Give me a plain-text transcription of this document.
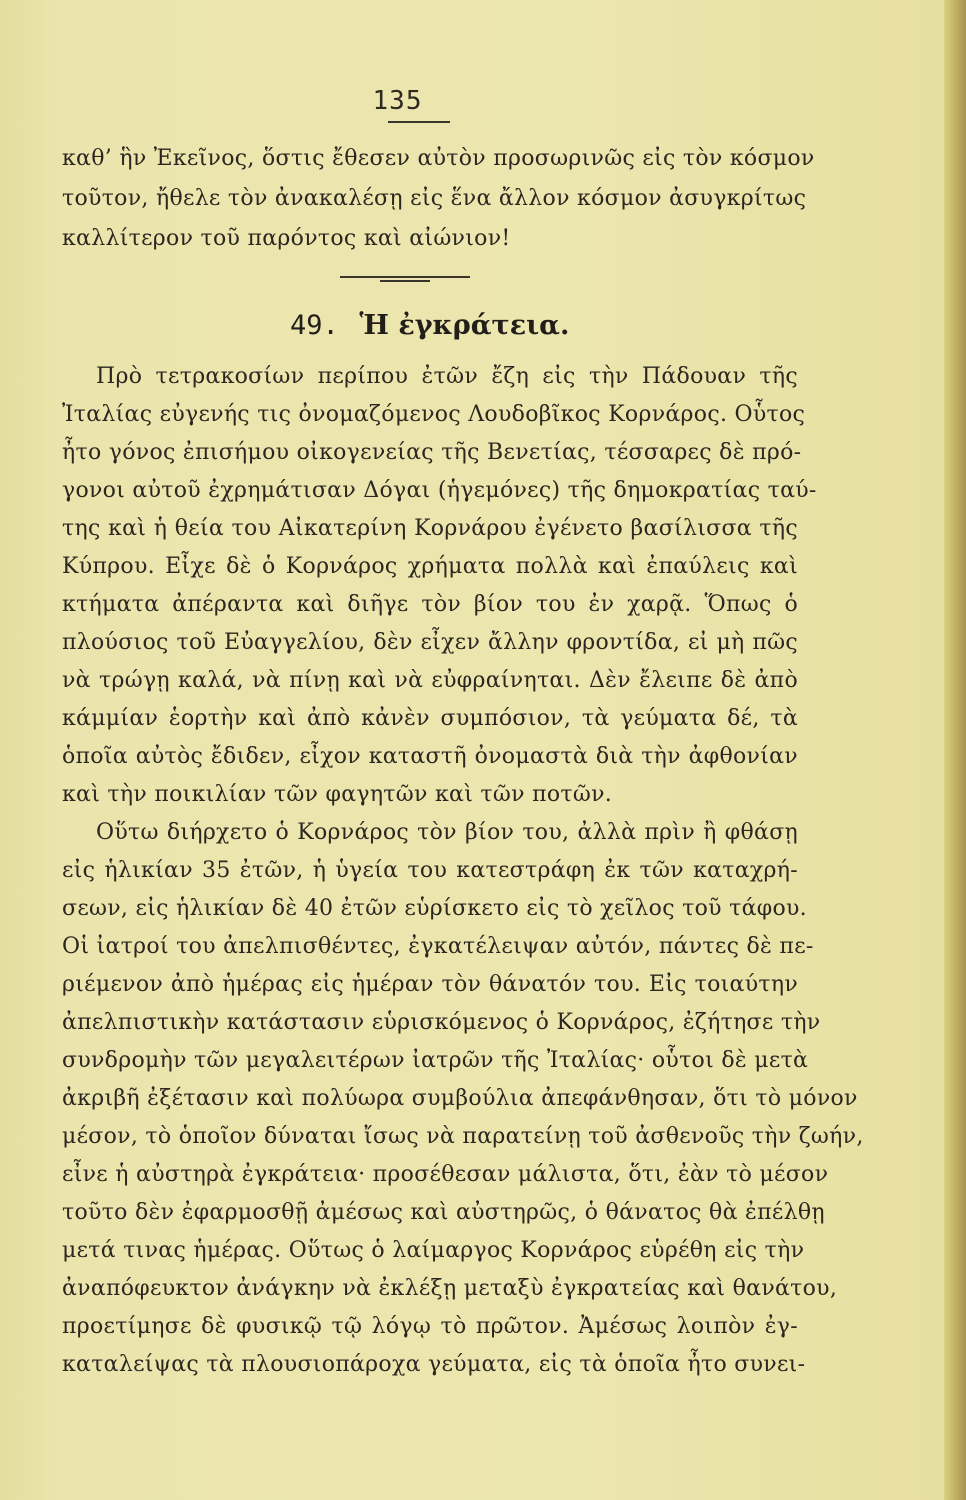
135
καθ’ ἣν Ἐκεῖνος, ὅστις ἔθεσεν αὐτὸν προσωρινῶς εἰς τὸν κόσμον
τοῦτον, ἤθελε τὸν ἀνακαλέσῃ εἰς ἕνα ἄλλον κόσμον ἀσυγκρίτως
καλλίτερον τοῦ παρόντος καὶ αἰώνιον!
49. Ἡ ἐγκράτεια.
Πρὸ τετρακοσίων περίπου ἐτῶν ἔζη εἰς τὴν Πάδουαν τῆς
Ἰταλίας εὐγενής τις ὀνομαζόμενος Λουδοβῖκος Κορνάρος. Οὗτος
ἦτο γόνος ἐπισήμου οἰκογενείας τῆς Βενετίας, τέσσαρες δὲ πρό-
γονοι αὐτοῦ ἐχρημάτισαν Δόγαι (ἡγεμόνες) τῆς δημοκρατίας ταύ-
της καὶ ἡ θεία του Αἰκατερίνη Κορνάρου ἐγένετο βασίλισσα τῆς
Κύπρου. Εἶχε δὲ ὁ Κορνάρος χρήματα πολλὰ καὶ ἐπαύλεις καὶ
κτήματα ἀπέραντα καὶ διῆγε τὸν βίον του ἐν χαρᾷ. Ὅπως ὁ
πλούσιος τοῦ Εὐαγγελίου, δὲν εἶχεν ἄλλην φροντίδα, εἰ μὴ πῶς
νὰ τρώγῃ καλά, νὰ πίνῃ καὶ νὰ εὐφραίνηται. Δὲν ἔλειπε δὲ ἀπὸ
κάμμίαν ἑορτὴν καὶ ἀπὸ κἀνὲν συμπόσιον, τὰ γεύματα δέ, τὰ
ὁποῖα αὐτὸς ἔδιδεν, εἶχον καταστῆ ὀνομαστὰ διὰ τὴν ἀφθονίαν
καὶ τὴν ποικιλίαν τῶν φαγητῶν καὶ τῶν ποτῶν.
Οὕτω διήρχετο ὁ Κορνάρος τὸν βίον του, ἀλλὰ πρὶν ἢ φθάσῃ
εἰς ἡλικίαν 35 ἐτῶν, ἡ ὑγεία του κατεστράφη ἐκ τῶν καταχρή-
σεων, εἰς ἡλικίαν δὲ 40 ἐτῶν εὑρίσκετο εἰς τὸ χεῖλος τοῦ τάφου.
Οἱ ἰατροί του ἀπελπισθέντες, ἐγκατέλειψαν αὐτόν, πάντες δὲ πε-
ριέμενον ἀπὸ ἡμέρας εἰς ἡμέραν τὸν θάνατόν του. Εἰς τοιαύτην
ἀπελπιστικὴν κατάστασιν εὑρισκόμενος ὁ Κορνάρος, ἐζήτησε τὴν
συνδρομὴν τῶν μεγαλειτέρων ἰατρῶν τῆς Ἰταλίας· οὗτοι δὲ μετὰ
ἀκριβῆ ἐξέτασιν καὶ πολύωρα συμβούλια ἀπεφάνθησαν, ὅτι τὸ μόνον
μέσον, τὸ ὁποῖον δύναται ἴσως νὰ παρατείνῃ τοῦ ἀσθενοῦς τὴν ζωήν,
εἶνε ἡ αὐστηρὰ ἐγκράτεια· προσέθεσαν μάλιστα, ὅτι, ἐὰν τὸ μέσον
τοῦτο δὲν ἐφαρμοσθῇ ἀμέσως καὶ αὐστηρῶς, ὁ θάνατος θὰ ἐπέλθῃ
μετά τινας ἡμέρας. Οὕτως ὁ λαίμαργος Κορνάρος εὑρέθη εἰς τὴν
ἀναπόφευκτον ἀνάγκην νὰ ἐκλέξῃ μεταξὺ ἐγκρατείας καὶ θανάτου,
προετίμησε δὲ φυσικῷ τῷ λόγῳ τὸ πρῶτον. Ἀμέσως λοιπὸν ἐγ-
καταλείψας τὰ πλουσιοπάροχα γεύματα, εἰς τὰ ὁποῖα ἦτο συνει-
